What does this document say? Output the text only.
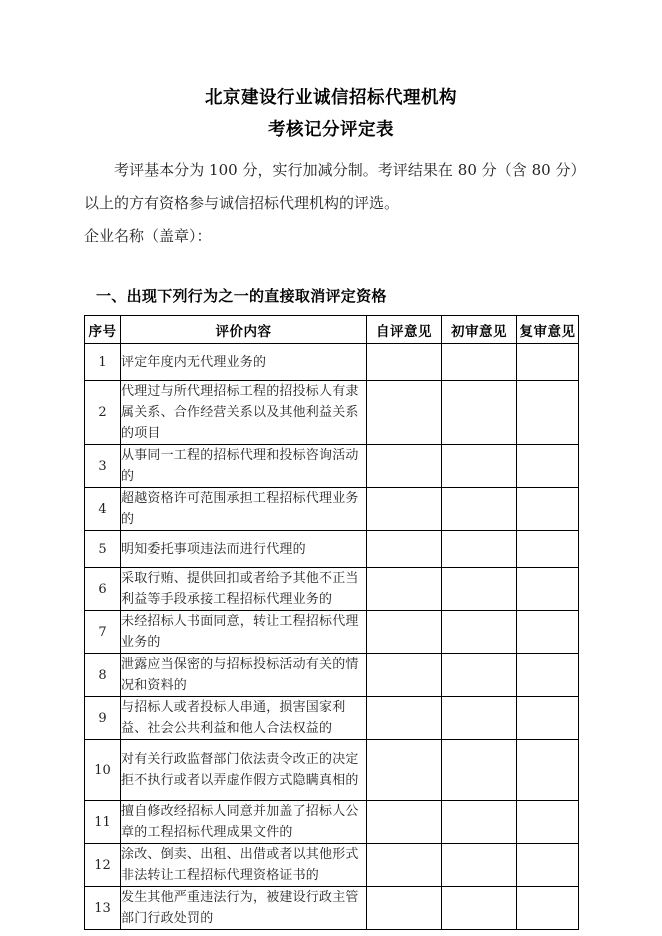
北京建设行业诚信招标代理机构
考核记分评定表

考评基本分为 100 分，实行加减分制。考评结果在 80 分（含 80 分）以上的方有资格参与诚信招标代理机构的评选。

企业名称（盖章）：

一、出现下列行为之一的直接取消评定资格
序号	评价内容	自评意见	初审意见	复审意见
1	评定年度内无代理业务的			
2	代理过与所代理招标工程的招投标人有隶属关系、合作经营关系以及其他利益关系的项目			
3	从事同一工程的招标代理和投标咨询活动的			
4	超越资格许可范围承担工程招标代理业务的			
5	明知委托事项违法而进行代理的			
6	采取行贿、提供回扣或者给予其他不正当利益等手段承接工程招标代理业务的			
7	未经招标人书面同意，转让工程招标代理业务的			
8	泄露应当保密的与招标投标活动有关的情况和资料的			
9	与招标人或者投标人串通，损害国家利益、社会公共利益和他人合法权益的			
10	对有关行政监督部门依法责令改正的决定拒不执行或者以弄虚作假方式隐瞒真相的			
11	擅自修改经招标人同意并加盖了招标人公章的工程招标代理成果文件的			
12	涂改、倒卖、出租、出借或者以其他形式非法转让工程招标代理资格证书的			
13	发生其他严重违法行为，被建设行政主管部门行政处罚的			
